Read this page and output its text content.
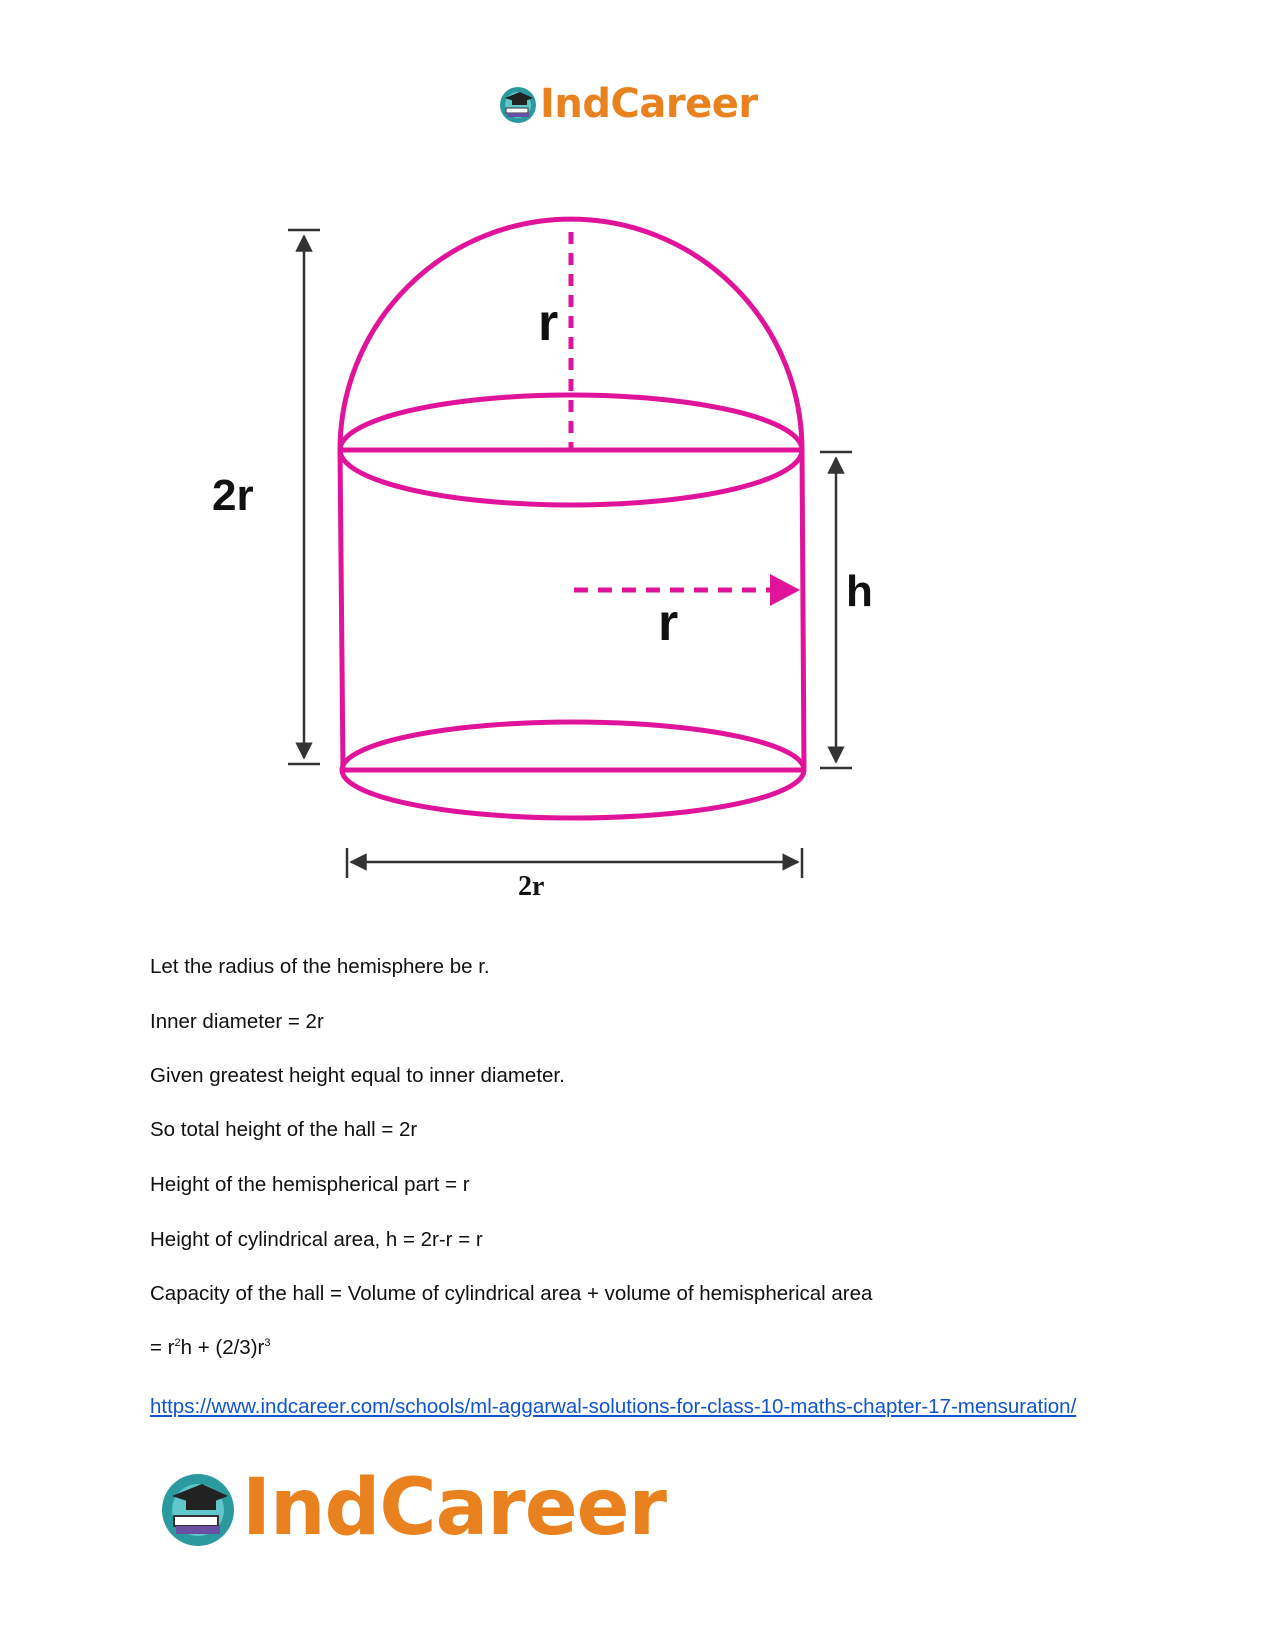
IndCareer
2r
r
r
h
2r

Let the radius of the hemisphere be r.

Inner diameter = 2r

Given greatest height equal to inner diameter.

So total height of the hall = 2r

Height of the hemispherical part = r

Height of cylindrical area, h = 2r-r = r

Capacity of the hall = Volume of cylindrical area + volume of hemispherical area

= $r^2h + (2/3)r^3$

https://www.indcareer.com/schools/ml-aggarwal-solutions-for-class-10-maths-chapter-17-mensuration/
IndCareer
